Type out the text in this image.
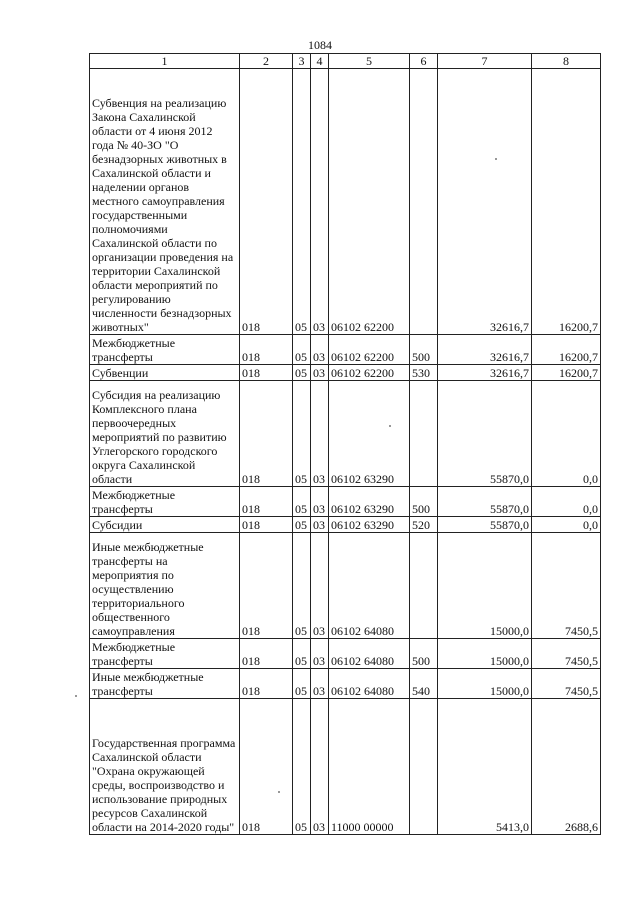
1084
1	2	3	4	5	6	7	8
Субвенция на реализацию Закона Сахалинской области от 4 июня 2012 года № 40-ЗО "О безнадзорных животных в Сахалинской области и наделении органов местного самоуправления государственными полномочиями Сахалинской области по организации проведения на территории Сахалинской области мероприятий по регулированию численности безнадзорных животных"	018	05	03	06102 62200		32616,7	16200,7
Межбюджетные трансферты	018	05	03	06102 62200	500	32616,7	16200,7
Субвенции	018	05	03	06102 62200	530	32616,7	16200,7
Субсидия на реализацию Комплексного плана первоочередных мероприятий по развитию Углегорского городского округа Сахалинской области	018	05	03	06102 63290		55870,0	0,0
Межбюджетные трансферты	018	05	03	06102 63290	500	55870,0	0,0
Субсидии	018	05	03	06102 63290	520	55870,0	0,0
Иные межбюджетные трансферты на мероприятия по осуществлению территориального общественного самоуправления	018	05	03	06102 64080		15000,0	7450,5
Межбюджетные трансферты	018	05	03	06102 64080	500	15000,0	7450,5
Иные межбюджетные трансферты	018	05	03	06102 64080	540	15000,0	7450,5
Государственная программа Сахалинской области "Охрана окружающей среды, воспроизводство и использование природных ресурсов Сахалинской области на 2014-2020 годы"	018	05	03	11000 00000		5413,0	2688,6
